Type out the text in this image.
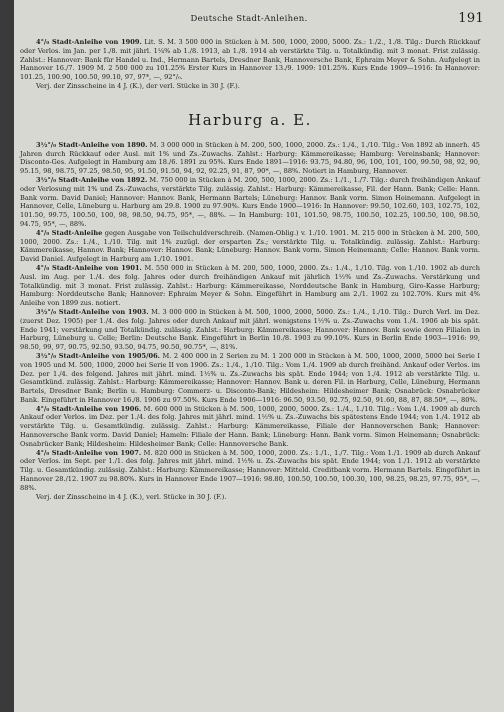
Deutsche Stadt-Anleihen.	191

4°/₀ Stadt-Anleihe von 1909. Lit. S. M. 3 500 000 in Stücken à M. 500, 1000, 2000, 5000. Zs.: 1./2., 1./8. Tilg.: Durch Rückkauf oder Verlos. im Jan. per 1./8. mit jährl. 1¼% ab 1./8. 1913, ab 1./8. 1914 ab verstärkte Tilg. u. Totalkündig. mit 3 monat. Frist zulässig. Zahlst.: Hannover: Bank für Handel u. Ind., Hermann Bartels, Dresdner Bank, Hannoversche Bank, Ephraim Meyer & Sohn. Aufgelegt in Hannover 16./7. 1909 M. 2 500 000 zu 101.25% Erster Kurs in Hannover 13./9. 1909: 101.25%. Kurs Ende 1909—1916: In Hannover: 101.25, 100.90, 100.50, 99.10, 97, 97*, —, 92°/₀.

Verj. der Zinsscheine in 4 J. (K.), der verl. Stücke in 30 J. (F.).

Harburg a. E.

3½°/₀ Stadt-Anleihe von 1890. M. 3 000 000 in Stücken à M. 200, 500, 1000, 2000. Zs.: 1./4., 1./10. Tilg.: Von 1892 ab innerh. 45 Jahren durch Rückkauf oder Ausl. mit 1% und Zs.-Zuwachs. Zahlst.: Harburg: Kämmereikasse; Hamburg: Vereinsbank; Hannover: Disconto-Ges. Aufgelegt in Hamburg am 18./6. 1891 zu 95%. Kurs Ende 1891—1916: 93.75, 94.80, 96, 100, 101, 100, 99.50, 98, 92, 90, 95.15, 98, 98.75, 97.25, 98.50, 95, 91.50, 91.50, 94, 92, 92.25, 91, 87, 90*, —, 88%. Notiert in Hamburg, Hannover.

3½°/₀ Stadt-Anleihe von 1892. M. 750 000 in Stücken à M. 200, 500, 1000, 2000. Zs.: 1./1., 1./7. Tilg.: durch freihändigen Ankauf oder Verlosung mit 1% und Zs.-Zuwachs, verstärkte Tilg. zulässig. Zahlst.: Harburg: Kämmereikasse, Fil. der Hann. Bank; Celle: Hann. Bank vorm. David Daniel; Hannover: Hannov. Bank, Hermann Bartels; Lüneburg: Hannov. Bank vorm. Simon Heinemann. Aufgelegt in Hannover, Celle, Lüneburg u. Harburg am 29.8. 1900 zu 97.90%. Kurs Ende 1900—1916: In Hannover: 99.50, 102.60, 103, 102.75, 102, 101.50, 99.75, 100.50, 100, 98, 98.50, 94.75, 95*, —, 88%. — In Hamburg: 101, 101.50, 98.75, 100.50, 102.25, 100.50, 100, 98.50, 94.75, 95*, —, 88%.

4°/₀ Stadt-Anleihe gegen Ausgabe von Teilschuldverschreib. (Namen-Oblig.) v. 1./10. 1901. M. 215 000 in Stücken à M. 200, 500, 1000, 2000. Zs.: 1./4., 1./10. Tilg. mit 1% zuzügl. der ersparten Zs.; verstärkte Tilg. u. Totalkündig. zulässig. Zahlst.: Harburg: Kämmereikasse, Hannov. Bank; Hannover: Hannov. Bank; Lüneburg: Hannov. Bank vorm. Simon Heinemann; Celle: Hannov. Bank vorm. David Daniel. Aufgelegt in Harburg am 1./10. 1901.

4°/₀ Stadt-Anleihe von 1901. M. 550 000 in Stücken à M. 200, 500, 1000, 2000. Zs.: 1./4., 1./10. Tilg. von 1./10. 1902 ab durch Ausl. im Aug. per 1./4. des folg. Jahres oder durch freihändigen Ankauf mit jährlich 1½% und Zs.-Zuwachs. Verstärkung und Totalkündig. mit 3 monat. Frist zulässig. Zahlst.: Harburg: Kämmereikasse, Norddeutsche Bank in Hamburg, Giro-Kasse Harburg; Hamburg: Norddeutsche Bank; Hannover: Ephraim Meyer & Sohn. Eingeführt in Hamburg am 2./1. 1902 zu 102.70%. Kurs mit 4% Anleihe von 1899 zus. notiert.

3½°/₀ Stadt-Anleihe von 1903. M. 3 000 000 in Stücken à M. 500, 1000, 2000, 5000. Zs.: 1./4., 1./10. Tilg.: Durch Verl. im Dez. (zuerst Dez. 1905) per 1./4. des folg. Jahres oder durch Ankauf mit jährl. wenigstens 1½% u. Zs.-Zuwachs vom 1./4. 1906 ab bis spät. Ende 1941; verstärkung und Totalkündig. zulässig. Zahlst.: Harburg: Kämmereikasse; Hannover: Hannov. Bank sowie deren Filialen in Harburg, Lüneburg u. Celle; Berlin: Deutsche Bank. Eingeführt in Berlin 10./8. 1903 zu 99.10%. Kurs in Berlin Ende 1903—1916: 99, 98.50, 99, 97, 90.75, 92.50, 93.50, 94.75, 90.50, 90.75*, —, 81%.

3½°/₀ Stadt-Anleihe von 1905/06. M. 2 400 000 in 2 Serien zu M. 1 200 000 in Stücken à M. 500, 1000, 2000, 5000 bei Serie I von 1905 und M. 500, 1000, 2000 bei Serie II von 1906. Zs.: 1./4., 1./10. Tilg.: Vom 1./4. 1909 ab durch freihänd. Ankauf oder Verlos. im Dez. per 1./4. des folgend. Jahres mit jährl. mind. 1½% u. Zs.-Zuwachs bis spät. Ende 1944; von 1./4. 1912 ab verstärkte Tilg. u. Gesamtkünd. zulässig. Zahlst.: Harburg: Kämmereikasse; Hannover: Hannov. Bank u. deren Fil. in Harburg, Celle, Lüneburg, Hermann Bartels, Dresdner Bank; Berlin u. Hamburg: Commerz- u. Disconto-Bank; Hildesheim: Hildesheimer Bank; Osnabrück: Osnabrücker Bank. Eingeführt in Hannover 16./8. 1906 zu 97.50%. Kurs Ende 1906—1916: 96.50, 93.50, 92.75, 92.50, 91.60, 88, 87, 88.50*, —, 80%.

4°/₀ Stadt-Anleihe von 1906. M. 600 000 in Stücken à M. 500, 1000, 2000, 5000. Zs.: 1./4., 1./10. Tilg.: Vom 1./4. 1909 ab durch Ankauf oder Verlos. im Dez. per 1./4. des folg. Jahres mit jährl. mind. 1½% u. Zs.-Zuwachs bis spätestens Ende 1944; von 1./4. 1912 ab verstärkte Tilg. u. Gesamtkündig. zulässig. Zahlst.: Harburg: Kämmereikasse, Filiale der Hannoverschen Bank; Hannover: Hannoversche Bank vorm. David Daniel; Hameln: Filiale der Hann. Bank; Lüneburg: Hann. Bank vorm. Simon Heinemann; Osnabrück: Osnabrücker Bank; Hildesheim: Hildesheimer Bank; Celle: Hannoversche Bank.

4°/₀ Stadt-Anleihe von 1907. M. 820 000 in Stücken à M. 500, 1000, 2000. Zs.: 1./1., 1./7. Tilg.: Vom 1./1. 1909 ab durch Ankauf oder Verlos. im Sept. per 1./1. des folg. Jahres mit jährl. mind. 1½% u. Zs.-Zuwachs bis spät. Ende 1944; von 1./1. 1912 ab verstärkte Tilg. u. Gesamtkündig. zulässig. Zahlst.: Harburg: Kämmereikasse; Hannover: Mitteld. Creditbank vorm. Hermann Bartels. Eingeführt in Hannover 28./12. 1907 zu 98.80%. Kurs in Hannover Ende 1907—1916: 98.80, 100.50, 100.50, 100.30, 100, 98.25, 98.25, 97.75, 95*, —, 88%.

Verj. der Zinsscheine in 4 J. (K.), verl. Stücke in 30 J. (F.).
